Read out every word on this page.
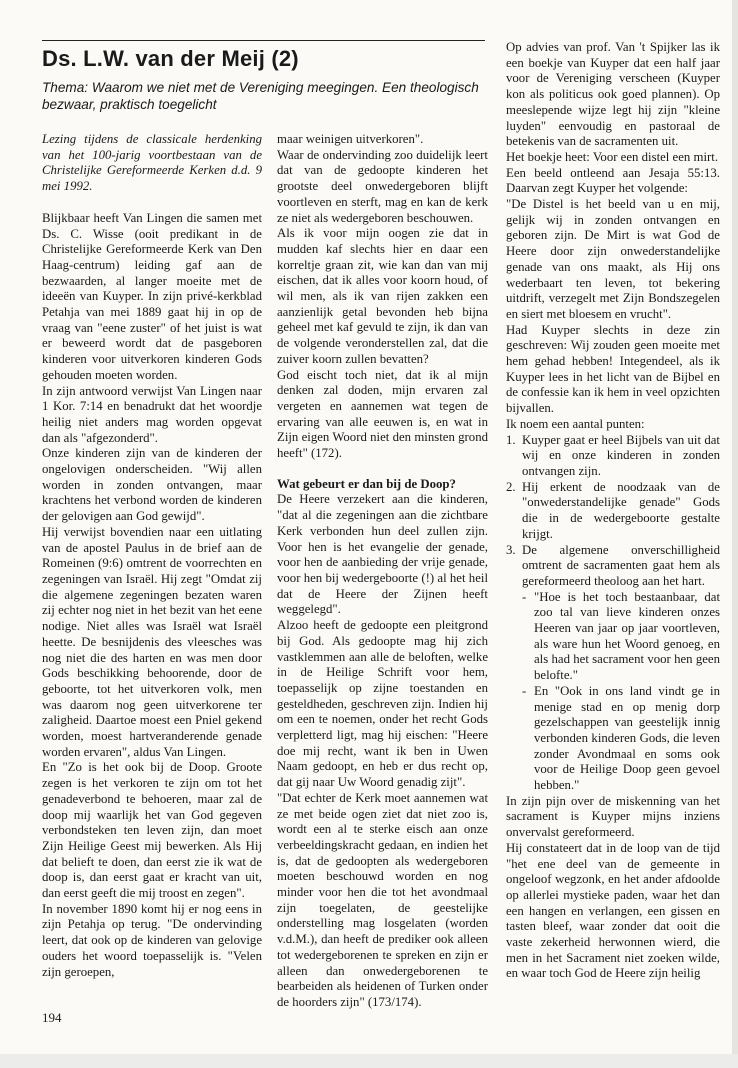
Ds. L.W. van der Meij (2)
Thema: Waarom we niet met de Vereniging meegingen. Een theologisch bezwaar, praktisch toegelicht

Lezing tijdens de classicale herdenking van het 100-jarig voortbestaan van de Christelijke Gereformeerde Kerken d.d. 9 mei 1992.

Blijkbaar heeft Van Lingen die samen met Ds. C. Wisse (ooit predikant in de Christelijke Gereformeerde Kerk van Den Haag-centrum) leiding gaf aan de bezwaarden, al langer moeite met de ideeën van Kuyper. In zijn privé-kerkblad Petahja van mei 1889 gaat hij in op de vraag van "eene zuster" of het juist is wat er beweerd wordt dat de pasgeboren kinderen voor uitverkoren kinderen Gods gehouden moeten worden.

In zijn antwoord verwijst Van Lingen naar 1 Kor. 7:14 en benadrukt dat het woordje heilig niet anders mag worden opgevat dan als "afgezonderd".

Onze kinderen zijn van de kinderen der ongelovigen onderscheiden. "Wij allen worden in zonden ontvangen, maar krachtens het verbond worden de kinderen der gelovigen aan God gewijd".

Hij verwijst bovendien naar een uitlating van de apostel Paulus in de brief aan de Romeinen (9:6) omtrent de voorrechten en zegeningen van Israël. Hij zegt "Omdat zij die algemene zegeningen bezaten waren zij echter nog niet in het bezit van het eene nodige. Niet alles was Israël wat Israël heette. De besnijdenis des vleesches was nog niet die des harten en was men door Gods beschikking behoorende, door de geboorte, tot het uitverkoren volk, men was daarom nog geen uitverkorene ter zaligheid. Daartoe moest een Pniel gekend worden, moest hartveranderende genade worden ervaren", aldus Van Lingen.

En "Zo is het ook bij de Doop. Groote zegen is het verkoren te zijn om tot het genadeverbond te behoeren, maar zal de doop mij waarlijk het van God gegeven verbondsteken ten leven zijn, dan moet Zijn Heilige Geest mij bewerken. Als Hij dat belieft te doen, dan eerst zie ik wat de doop is, dan eerst gaat er kracht van uit, dan eerst geeft die mij troost en zegen".

In november 1890 komt hij er nog eens in zijn Petahja op terug. "De ondervinding leert, dat ook op de kinderen van gelovige ouders het woord toepasselijk is. "Velen zijn geroepen,

maar weinigen uitverkoren".

Waar de ondervinding zoo duidelijk leert dat van de gedoopte kinderen het grootste deel onwedergeboren blijft voortleven en sterft, mag en kan de kerk ze niet als wedergeboren beschouwen.

Als ik voor mijn oogen zie dat in mudden kaf slechts hier en daar een korreltje graan zit, wie kan dan van mij eischen, dat ik alles voor koorn houd, of wil men, als ik van rijen zakken een aanzienlijk getal bevonden heb bijna geheel met kaf gevuld te zijn, ik dan van de volgende veronderstellen zal, dat die zuiver koorn zullen bevatten?

God eischt toch niet, dat ik al mijn denken zal doden, mijn ervaren zal vergeten en aannemen wat tegen de ervaring van alle eeuwen is, en wat in Zijn eigen Woord niet den minsten grond heeft" (172).

Wat gebeurt er dan bij de Doop?

De Heere verzekert aan die kinderen, "dat al die zegeningen aan die zichtbare Kerk verbonden hun deel zullen zijn. Voor hen is het evangelie der genade, voor hen de aanbieding der vrije genade, voor hen bij wedergeboorte (!) al het heil dat de Heere der Zijnen heeft weggelegd".

Alzoo heeft de gedoopte een pleitgrond bij God. Als gedoopte mag hij zich vastklemmen aan alle de beloften, welke in de Heilige Schrift voor hem, toepasselijk op zijne toestanden en gesteldheden, geschreven zijn. Indien hij om een te noemen, onder het recht Gods verpletterd ligt, mag hij eischen: "Heere doe mij recht, want ik ben in Uwen Naam gedoopt, en heb er dus recht op, dat gij naar Uw Woord genadig zijt".

"Dat echter de Kerk moet aannemen wat ze met beide ogen ziet dat niet zoo is, wordt een al te sterke eisch aan onze verbeeldingskracht gedaan, en indien het is, dat de gedoopten als wedergeboren moeten beschouwd worden en nog minder voor hen die tot het avondmaal zijn toegelaten, de geestelijke onderstelling mag losgelaten (worden v.d.M.), dan heeft de prediker ook alleen tot wedergeborenen te spreken en zijn er alleen dan onwedergeborenen te bearbeiden als heidenen of Turken onder de hoorders zijn" (173/174).

Op advies van prof. Van 't Spijker las ik een boekje van Kuyper dat een half jaar voor de Vereniging verscheen (Kuyper kon als politicus ook goed plannen). Op meeslepende wijze legt hij zijn "kleine luyden" eenvoudig en pastoraal de betekenis van de sacramenten uit.

Het boekje heet: Voor een distel een mirt.

Een beeld ontleend aan Jesaja 55:13. Daarvan zegt Kuyper het volgende:

"De Distel is het beeld van u en mij, gelijk wij in zonden ontvangen en geboren zijn. De Mirt is wat God de Heere door zijn onwederstandelijke genade van ons maakt, als Hij ons wederbaart ten leven, tot bekering uitdrift, verzegelt met Zijn Bondszegelen en siert met bloesem en vrucht".

Had Kuyper slechts in deze zin geschreven: Wij zouden geen moeite met hem gehad hebben! Integendeel, als ik Kuyper lees in het licht van de Bijbel en de confessie kan ik hem in veel opzichten bijvallen.

Ik noem een aantal punten:

1. Kuyper gaat er heel Bijbels van uit dat wij en onze kinderen in zonden ontvangen zijn.
2. Hij erkent de noodzaak van de "onwederstandelijke genade" Gods die in de wedergeboorte gestalte krijgt.
3. De algemene onverschilligheid omtrent de sacramenten gaat hem als gereformeerd theoloog aan het hart.
- "Hoe is het toch bestaanbaar, dat zoo tal van lieve kinderen onzes Heeren van jaar op jaar voortleven, als ware hun het Woord genoeg, en als had het sacrament voor hen geen belofte."
- En "Ook in ons land vindt ge in menige stad en op menig dorp gezelschappen van geestelijk innig verbonden kinderen Gods, die leven zonder Avondmaal en soms ook voor de Heilige Doop geen gevoel hebben."

In zijn pijn over de miskenning van het sacrament is Kuyper mijns inziens onvervalst gereformeerd.

Hij constateert dat in de loop van de tijd "het ene deel van de gemeente in ongeloof wegzonk, en het ander afdoolde op allerlei mystieke paden, waar het dan een hangen en verlangen, een gissen en tasten bleef, waar zonder dat ooit die vaste zekerheid herwonnen wierd, die men in het Sacrament niet zoeken wilde, en waar toch God de Heere zijn heilig

194
